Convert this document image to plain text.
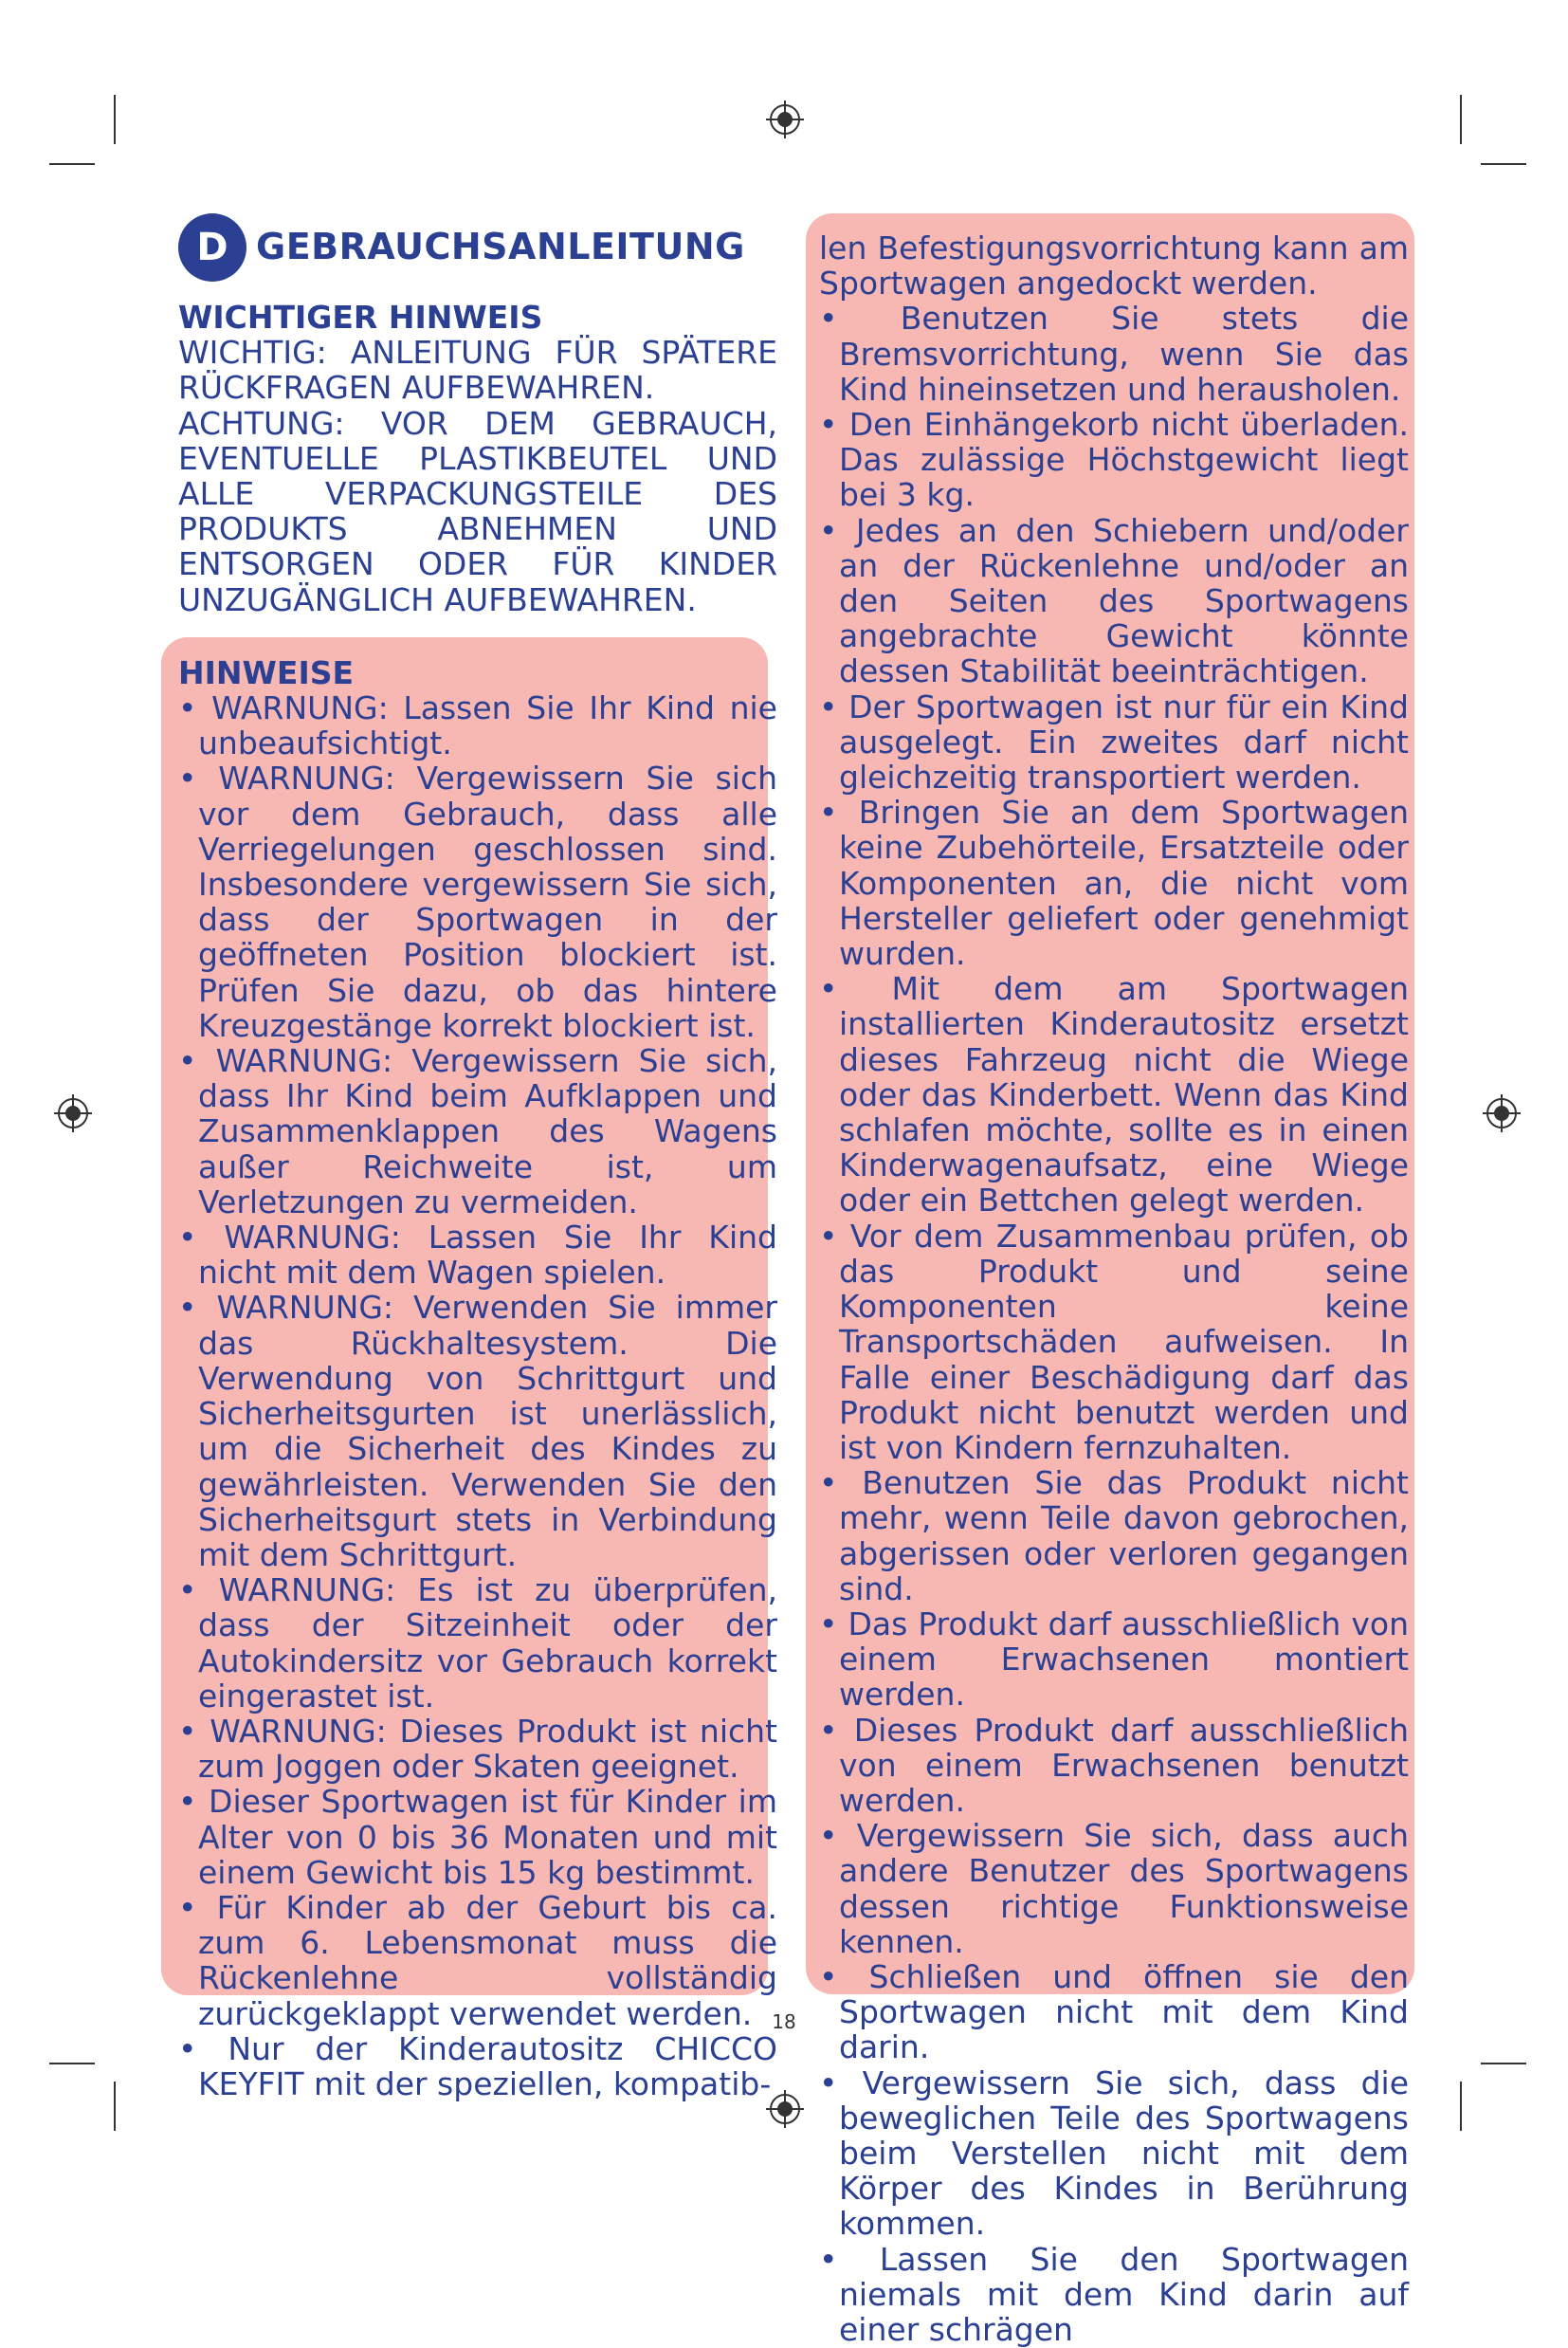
D GEBRAUCHSANLEITUNG

WICHTIGER HINWEIS

WICHTIG: ANLEITUNG FÜR SPÄTERE RÜCKFRAGEN AUFBEWAHREN.

ACHTUNG: VOR DEM GEBRAUCH, EVENTUELLE PLASTIKBEUTEL UND ALLE VERPACKUNGSTEILE DES PRODUKTS ABNEHMEN UND ENTSORGEN ODER FÜR KINDER UNZUGÄNGLICH AUFBEWAHREN.

HINWEISE

• WARNUNG: Lassen Sie Ihr Kind nie unbeaufsichtigt.

• WARNUNG: Vergewissern Sie sich vor dem Gebrauch, dass alle Verriegelungen geschlossen sind. Insbesondere vergewissern Sie sich, dass der Sportwagen in der geöffneten Position blockiert ist. Prüfen Sie dazu, ob das hintere Kreuzgestänge korrekt blockiert ist.

• WARNUNG: Vergewissern Sie sich, dass Ihr Kind beim Aufklappen und Zusammenklappen des Wagens außer Reichweite ist, um Verletzungen zu vermeiden.

• WARNUNG: Lassen Sie Ihr Kind nicht mit dem Wagen spielen.

• WARNUNG: Verwenden Sie immer das Rückhaltesystem. Die Verwendung von Schrittgurt und Sicherheitsgurten ist unerlässlich, um die Sicherheit des Kindes zu gewährleisten. Verwenden Sie den Sicherheitsgurt stets in Verbindung mit dem Schrittgurt.

• WARNUNG: Es ist zu überprüfen, dass der Sitzeinheit oder der Autokindersitz vor Gebrauch korrekt eingerastet ist.

• WARNUNG: Dieses Produkt ist nicht zum Joggen oder Skaten geeignet.

• Dieser Sportwagen ist für Kinder im Alter von 0 bis 36 Monaten und mit einem Gewicht bis 15 kg bestimmt.

• Für Kinder ab der Geburt bis ca. zum 6. Lebensmonat muss die Rückenlehne vollständig zurückgeklappt verwendet werden.

• Nur der Kinderautositz CHICCO KEYFIT mit der speziellen, kompatib-

len Befestigungsvorrichtung kann am Sportwagen angedockt werden.

• Benutzen Sie stets die Bremsvorrichtung, wenn Sie das Kind hineinsetzen und herausholen.

• Den Einhängekorb nicht überladen. Das zulässige Höchstgewicht liegt bei 3 kg.

• Jedes an den Schiebern und/oder an der Rückenlehne und/oder an den Seiten des Sportwagens angebrachte Gewicht könnte dessen Stabilität beeinträchtigen.

• Der Sportwagen ist nur für ein Kind ausgelegt. Ein zweites darf nicht gleichzeitig transportiert werden.

• Bringen Sie an dem Sportwagen keine Zubehörteile, Ersatzteile oder Komponenten an, die nicht vom Hersteller geliefert oder genehmigt wurden.

• Mit dem am Sportwagen installierten Kinderautositz ersetzt dieses Fahrzeug nicht die Wiege oder das Kinderbett. Wenn das Kind schlafen möchte, sollte es in einen Kinderwagenaufsatz, eine Wiege oder ein Bettchen gelegt werden.

• Vor dem Zusammenbau prüfen, ob das Produkt und seine Komponenten keine Transportschäden aufweisen. In Falle einer Beschädigung darf das Produkt nicht benutzt werden und ist von Kindern fernzuhalten.

• Benutzen Sie das Produkt nicht mehr, wenn Teile davon gebrochen, abgerissen oder verloren gegangen sind.

• Das Produkt darf ausschließlich von einem Erwachsenen montiert werden.

• Dieses Produkt darf ausschließlich von einem Erwachsenen benutzt werden.

• Vergewissern Sie sich, dass auch andere Benutzer des Sportwagens dessen richtige Funktionsweise kennen.

• Schließen und öffnen sie den Sportwagen nicht mit dem Kind darin.

• Vergewissern Sie sich, dass die beweglichen Teile des Sportwagens beim Verstellen nicht mit dem Körper des Kindes in Berührung kommen.

• Lassen Sie den Sportwagen niemals mit dem Kind darin auf einer schrägen

18
